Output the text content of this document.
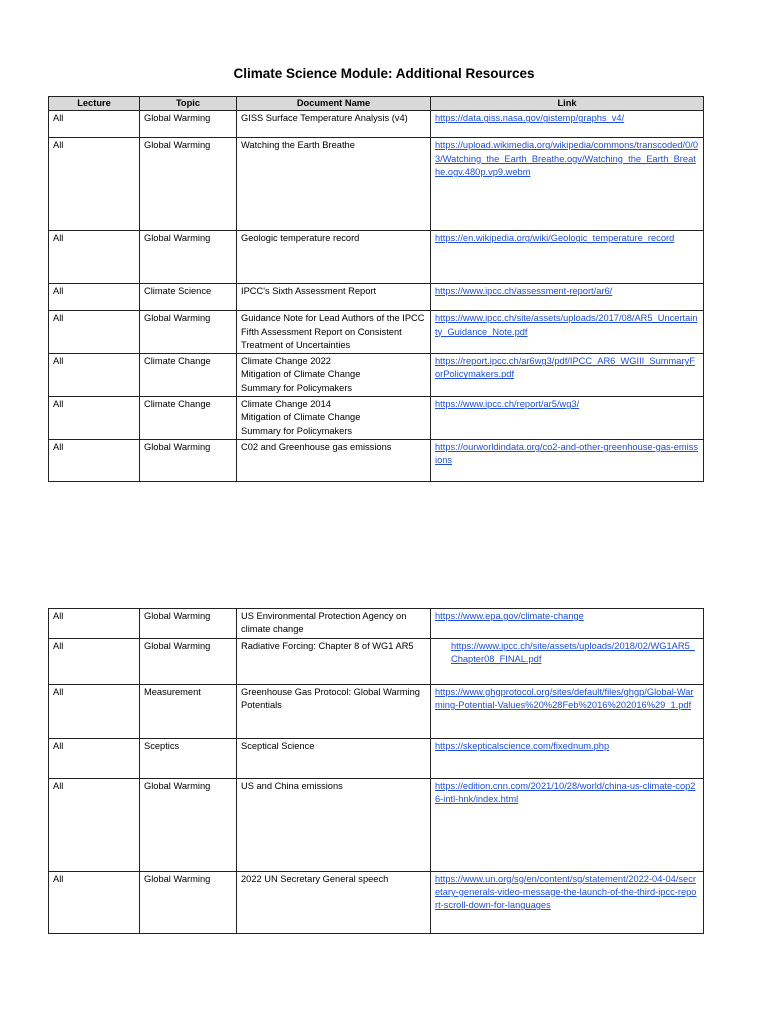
Climate Science Module: Additional Resources
Lecture	Topic	Document Name	Link
All	Global Warming	GISS Surface Temperature Analysis (v4)	https://data.giss.nasa.gov/gistemp/graphs_v4/
All	Global Warming	Watching the Earth Breathe	https://upload.wikimedia.org/wikipedia/commons/transcoded/0/03/Watching_the_Earth_Breathe.ogv/Watching_the_Earth_Breathe.ogv.480p.vp9.webm
All	Global Warming	Geologic temperature record	https://en.wikipedia.org/wiki/Geologic_temperature_record
All	Climate Science	IPCC's Sixth Assessment Report	https://www.ipcc.ch/assessment-report/ar6/
All	Global Warming	Guidance Note for Lead Authors of the IPCC Fifth Assessment Report on Consistent Treatment of Uncertainties	https://www.ipcc.ch/site/assets/uploads/2017/08/AR5_Uncertainty_Guidance_Note.pdf
All	Climate Change	Climate Change 2022
Mitigation of Climate Change
Summary for Policymakers	https://report.ipcc.ch/ar6wg3/pdf/IPCC_AR6_WGIII_SummaryForPolicymakers.pdf
All	Climate Change	Climate Change 2014
Mitigation of Climate Change
Summary for Policymakers	https://www.ipcc.ch/report/ar5/wg3/
All	Global Warming	C02 and Greenhouse gas emissions	https://ourworldindata.org/co2-and-other-greenhouse-gas-emissions
All	Global Warming	US Environmental Protection Agency on climate change	https://www.epa.gov/climate-change
All	Global Warming	Radiative Forcing: Chapter 8 of WG1 AR5	https://www.ipcc.ch/site/assets/uploads/2018/02/WG1AR5_Chapter08_FINAL.pdf
All	Measurement	Greenhouse Gas Protocol: Global Warming Potentials	https://www.ghgprotocol.org/sites/default/files/ghgp/Global-Warming-Potential-Values%20%28Feb%2016%202016%29_1.pdf
All	Sceptics	Sceptical Science	https://skepticalscience.com/fixednum.php
All	Global Warming	US and China emissions	https://edition.cnn.com/2021/10/28/world/china-us-climate-cop26-intl-hnk/index.html
All	Global Warming	2022 UN Secretary General speech	https://www.un.org/sg/en/content/sg/statement/2022-04-04/secretary-generals-video-message-the-launch-of-the-third-ipcc-report-scroll-down-for-languages
